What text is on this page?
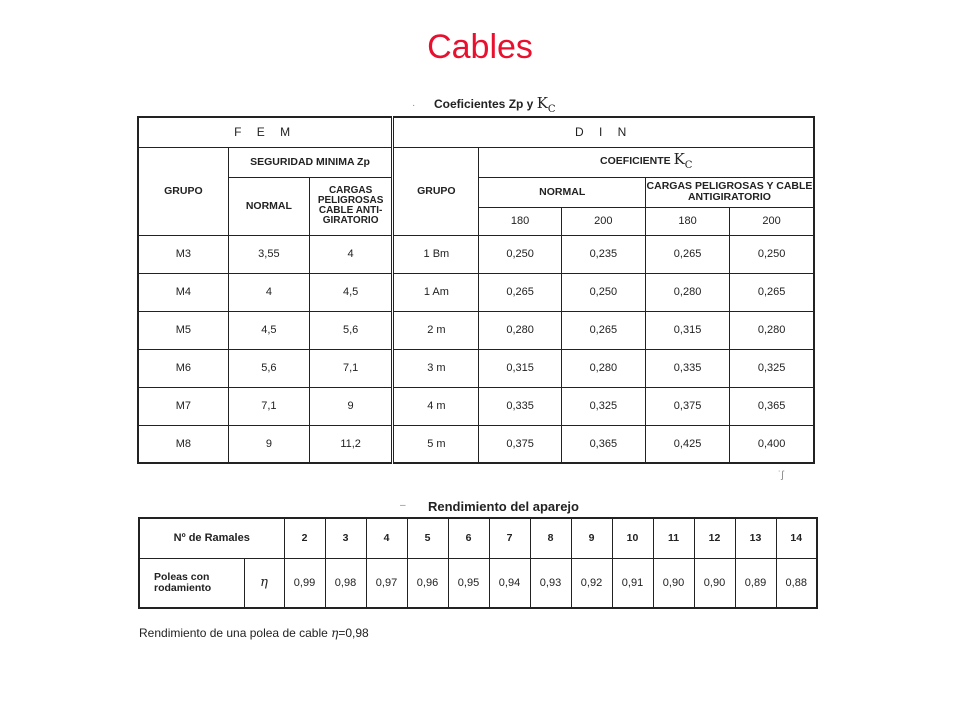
Cables
Coeficientes Zp y $K_C$
F E M			D I N				
GRUPO	SEGURIDAD MINIMA Zp		GRUPO	COEFICIENTE $K_C$
	NORMAL	CARGAS PELIGROSAS CABLE ANTI-GIRATORIO		NORMAL		CARGAS PELIGROSAS Y CABLE ANTIGIRATORIO	
				180	200	180	200
M3	3,55	4	1 Bm	0,250	0,235	0,265	0,250
M4	4	4,5	1 Am	0,265	0,250	0,280	0,265
M5	4,5	5,6	2 m	0,280	0,265	0,315	0,280
M6	5,6	7,1	3 m	0,315	0,280	0,335	0,325
M7	7,1	9	4 m	0,335	0,325	0,375	0,365
M8	9	11,2	5 m	0,375	0,365	0,425	0,400
Rendimiento del aparejo
Nº de Ramales		2	3	4	5	6	7	8	9	10	11	12	13	14
Poleas con rodamiento	η	0,99	0,98	0,97	0,96	0,95	0,94	0,93	0,92	0,91	0,90	0,90	0,89	0,88
Rendimiento de una polea de cable η=0,98
·
˙ʃ
–
